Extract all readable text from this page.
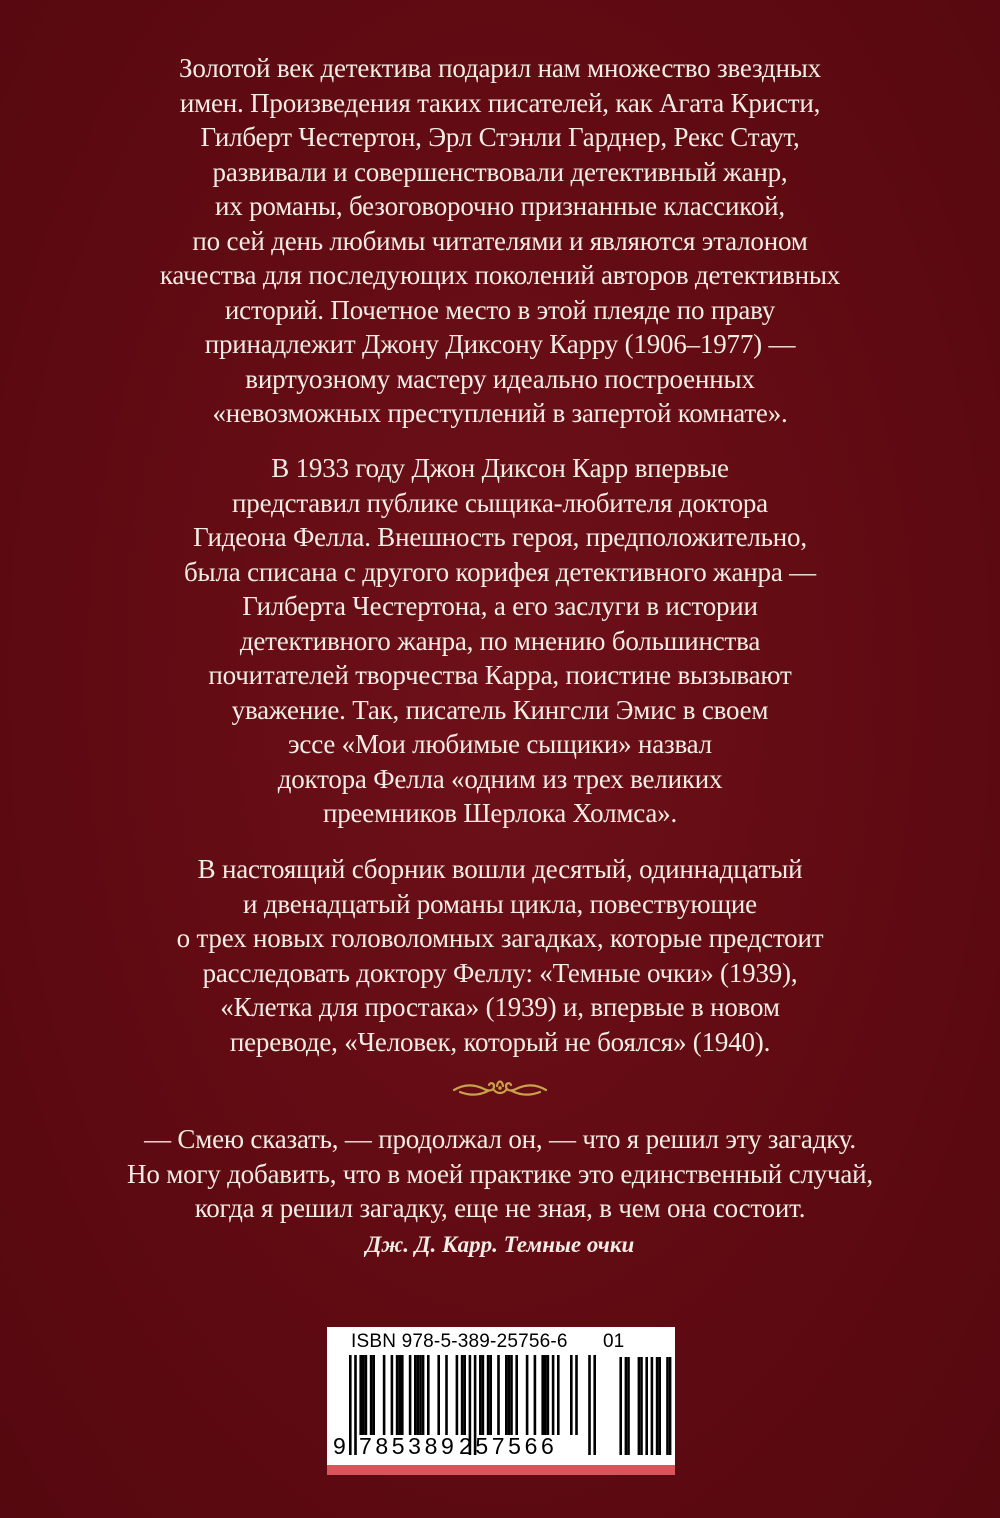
Золотой век детектива подарил нам множество звездных
имен. Произведения таких писателей, как Агата Кристи,
Гилберт Честертон, Эрл Стэнли Гарднер, Рекс Стаут,
развивали и совершенствовали детективный жанр,
их романы, безоговорочно признанные классикой,
по сей день любимы читателями и являются эталоном
качества для последующих поколений авторов детективных
историй. Почетное место в этой плеяде по праву
принадлежит Джону Диксону Карру (1906–1977) —
виртуозному мастеру идеально построенных
«невозможных преступлений в запертой комнате».
В 1933 году Джон Диксон Карр впервые
представил публике сыщика-любителя доктора
Гидеона Фелла. Внешность героя, предположительно,
была списана с другого корифея детективного жанра —
Гилберта Честертона, а его заслуги в истории
детективного жанра, по мнению большинства
почитателей творчества Карра, поистине вызывают
уважение. Так, писатель Кингсли Эмис в своем
эссе «Мои любимые сыщики» назвал
доктора Фелла «одним из трех великих
преемников Шерлока Холмса».
В настоящий сборник вошли десятый, одиннадцатый
и двенадцатый романы цикла, повествующие
о трех новых головоломных загадках, которые предстоит
расследовать доктору Феллу: «Темные очки» (1939),
«Клетка для простака» (1939) и, впервые в новом
переводе, «Человек, который не боялся» (1940).
— Смею сказать, — продолжал он, — что я решил эту загадку.
Но могу добавить, что в моей практике это единственный случай,
когда я решил загадку, еще не зная, в чем она состоит.
Дж. Д. Карр. Темные очки
ISBN 978-5-389-25756-6 01
9 785389 257566
